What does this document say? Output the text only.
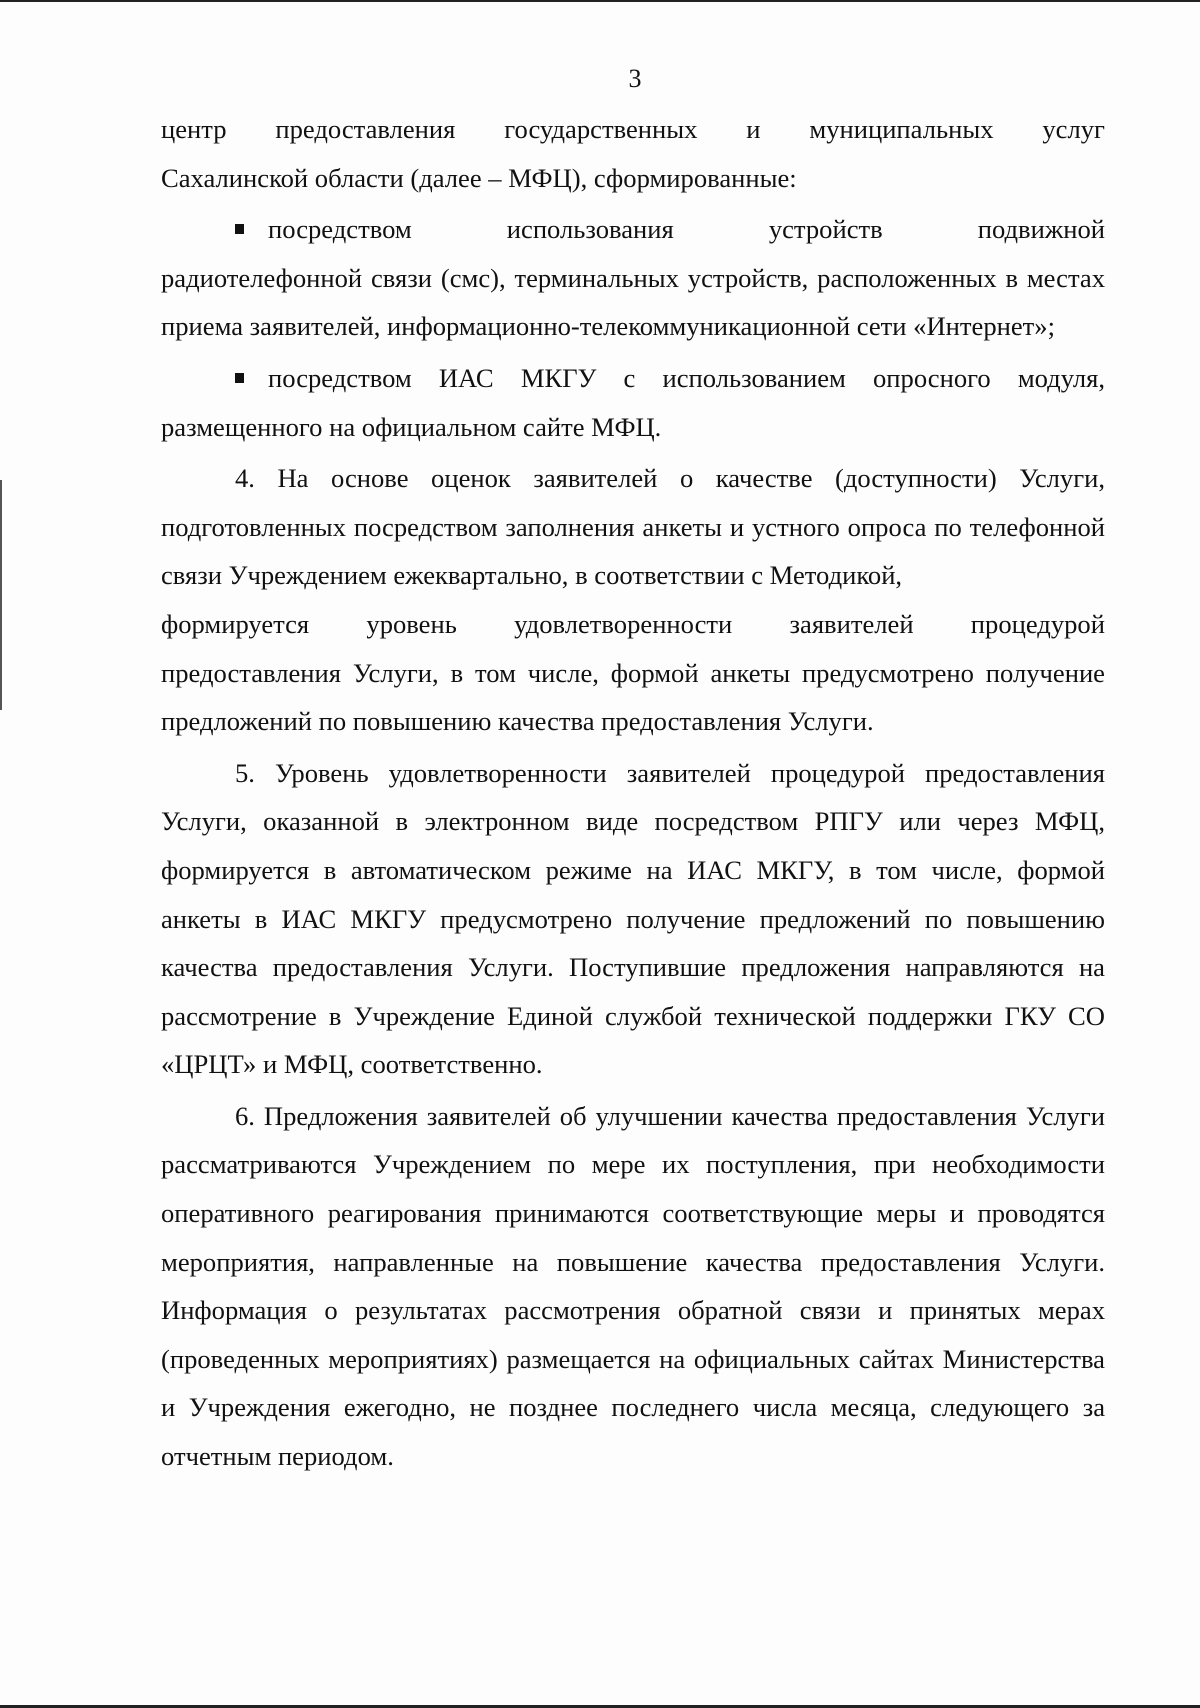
3

центр предоставления государственных и муниципальных услуг

Сахалинской области (далее – МФЦ), сформированные:

посредством	использования	устройств	подвижной

радиотелефонной связи (смс), терминальных устройств, расположенных в местах приема заявителей, информационно-телекоммуникационной сети «Интернет»;

посредством ИАС МКГУ с использованием опросного модуля, размещенного на официальном сайте МФЦ.

4. На основе оценок заявителей о качестве (доступности) Услуги, подготовленных посредством заполнения анкеты и устного опроса по телефонной связи Учреждением ежеквартально, в соответствии с Методикой,

формируется уровень удовлетворенности заявителей процедурой

предоставления Услуги, в том числе, формой анкеты предусмотрено получение предложений по повышению качества предоставления Услуги.

5. Уровень удовлетворенности заявителей процедурой предоставления Услуги, оказанной в электронном виде посредством РПГУ или через МФЦ, формируется в автоматическом режиме на ИАС МКГУ, в том числе, формой анкеты в ИАС МКГУ предусмотрено получение предложений по повышению качества предоставления Услуги. Поступившие предложения направляются на рассмотрение в Учреждение Единой службой технической поддержки ГКУ СО «ЦРЦТ» и МФЦ, соответственно.

6. Предложения заявителей об улучшении качества предоставления Услуги рассматриваются Учреждением по мере их поступления, при необходимости оперативного реагирования принимаются соответствующие меры и проводятся мероприятия, направленные на повышение качества предоставления Услуги. Информация о результатах рассмотрения обратной связи и принятых мерах (проведенных мероприятиях) размещается на официальных сайтах Министерства и Учреждения ежегодно, не позднее последнего числа месяца, следующего за отчетным периодом.
